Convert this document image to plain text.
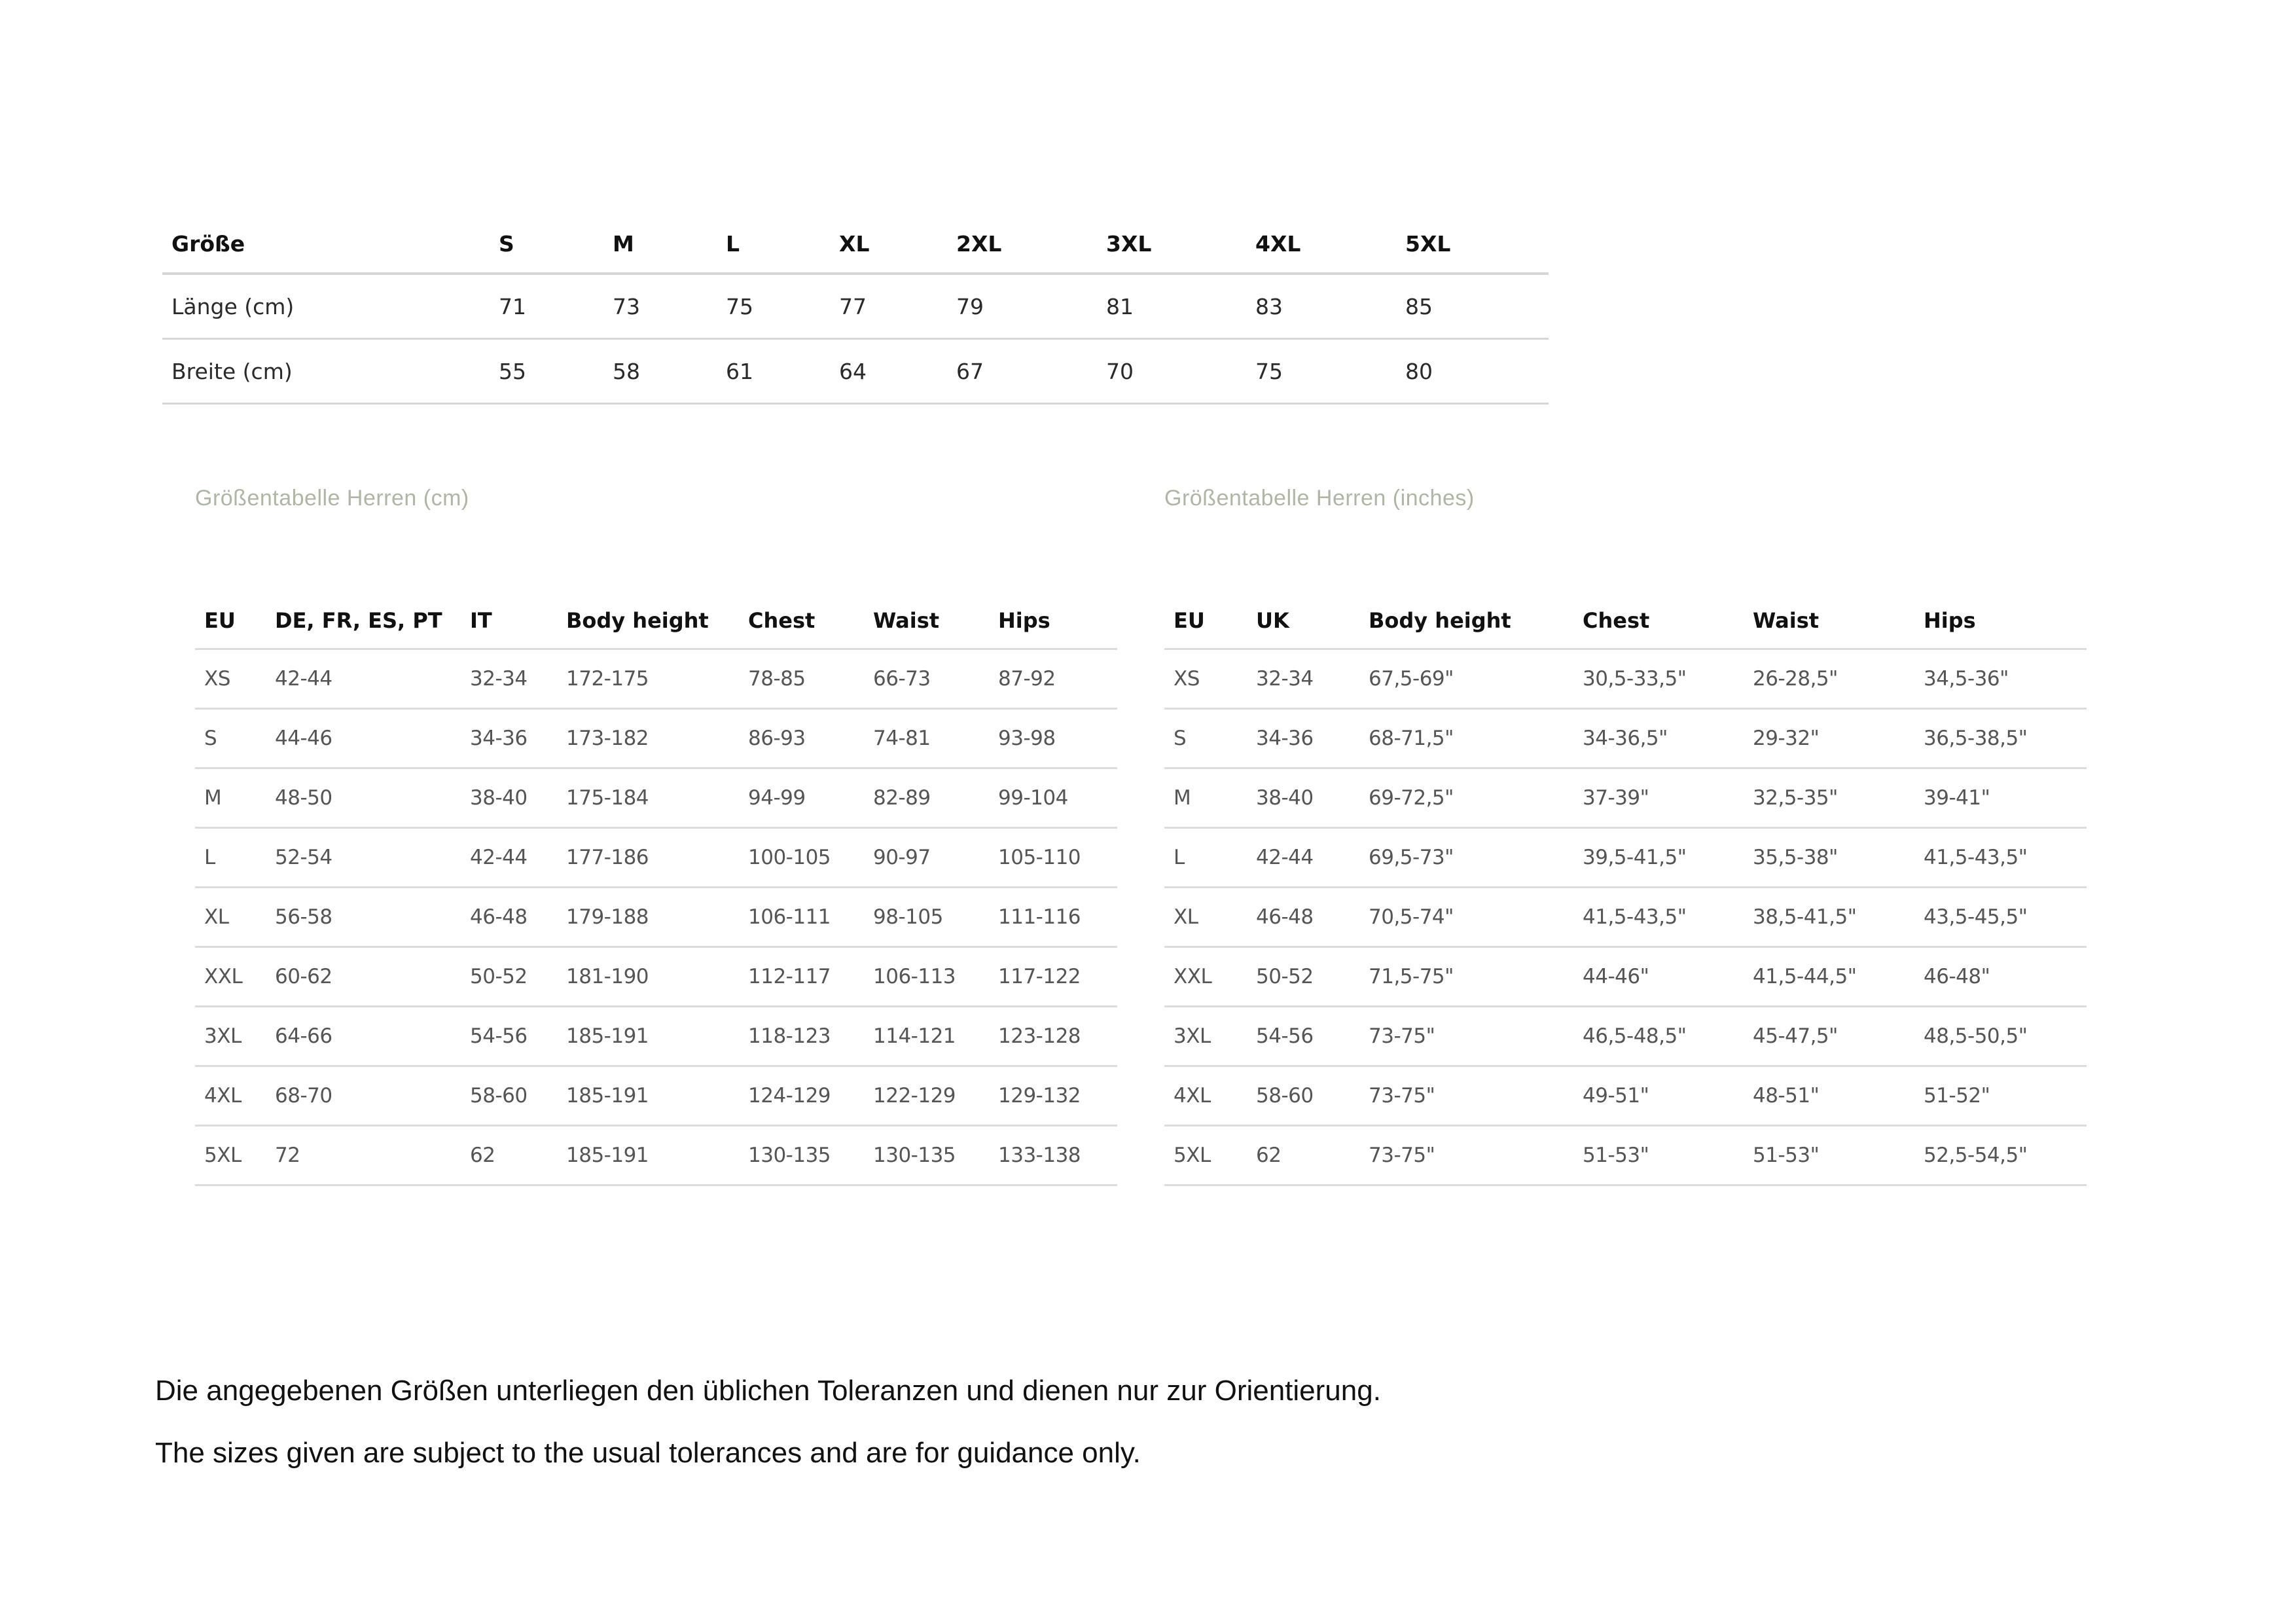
Größe	S	M	L	XL	2XL	3XL	4XL	5XL
Länge (cm)	71	73	75	77	79	81	83	85
Breite (cm)	55	58	61	64	67	70	75	80
Größentabelle Herren (cm)	Größentabelle Herren (inches)
EU	DE, FR, ES, PT	IT	Body height	Chest	Waist	Hips
XS	42-44	32-34	172-175	78-85	66-73	87-92
S	44-46	34-36	173-182	86-93	74-81	93-98
M	48-50	38-40	175-184	94-99	82-89	99-104
L	52-54	42-44	177-186	100-105	90-97	105-110
XL	56-58	46-48	179-188	106-111	98-105	111-116
XXL	60-62	50-52	181-190	112-117	106-113	117-122
3XL	64-66	54-56	185-191	118-123	114-121	123-128
4XL	68-70	58-60	185-191	124-129	122-129	129-132
5XL	72	62	185-191	130-135	130-135	133-138
EU	UK	Body height	Chest	Waist	Hips
XS	32-34	67,5-69"	30,5-33,5"	26-28,5"	34,5-36"
S	34-36	68-71,5"	34-36,5"	29-32"	36,5-38,5"
M	38-40	69-72,5"	37-39"	32,5-35"	39-41"
L	42-44	69,5-73"	39,5-41,5"	35,5-38"	41,5-43,5"
XL	46-48	70,5-74"	41,5-43,5"	38,5-41,5"	43,5-45,5"
XXL	50-52	71,5-75"	44-46"	41,5-44,5"	46-48"
3XL	54-56	73-75"	46,5-48,5"	45-47,5"	48,5-50,5"
4XL	58-60	73-75"	49-51"	48-51"	51-52"
5XL	62	73-75"	51-53"	51-53"	52,5-54,5"
Die angegebenen Größen unterliegen den üblichen Toleranzen und dienen nur zur Orientierung.
The sizes given are subject to the usual tolerances and are for guidance only.
